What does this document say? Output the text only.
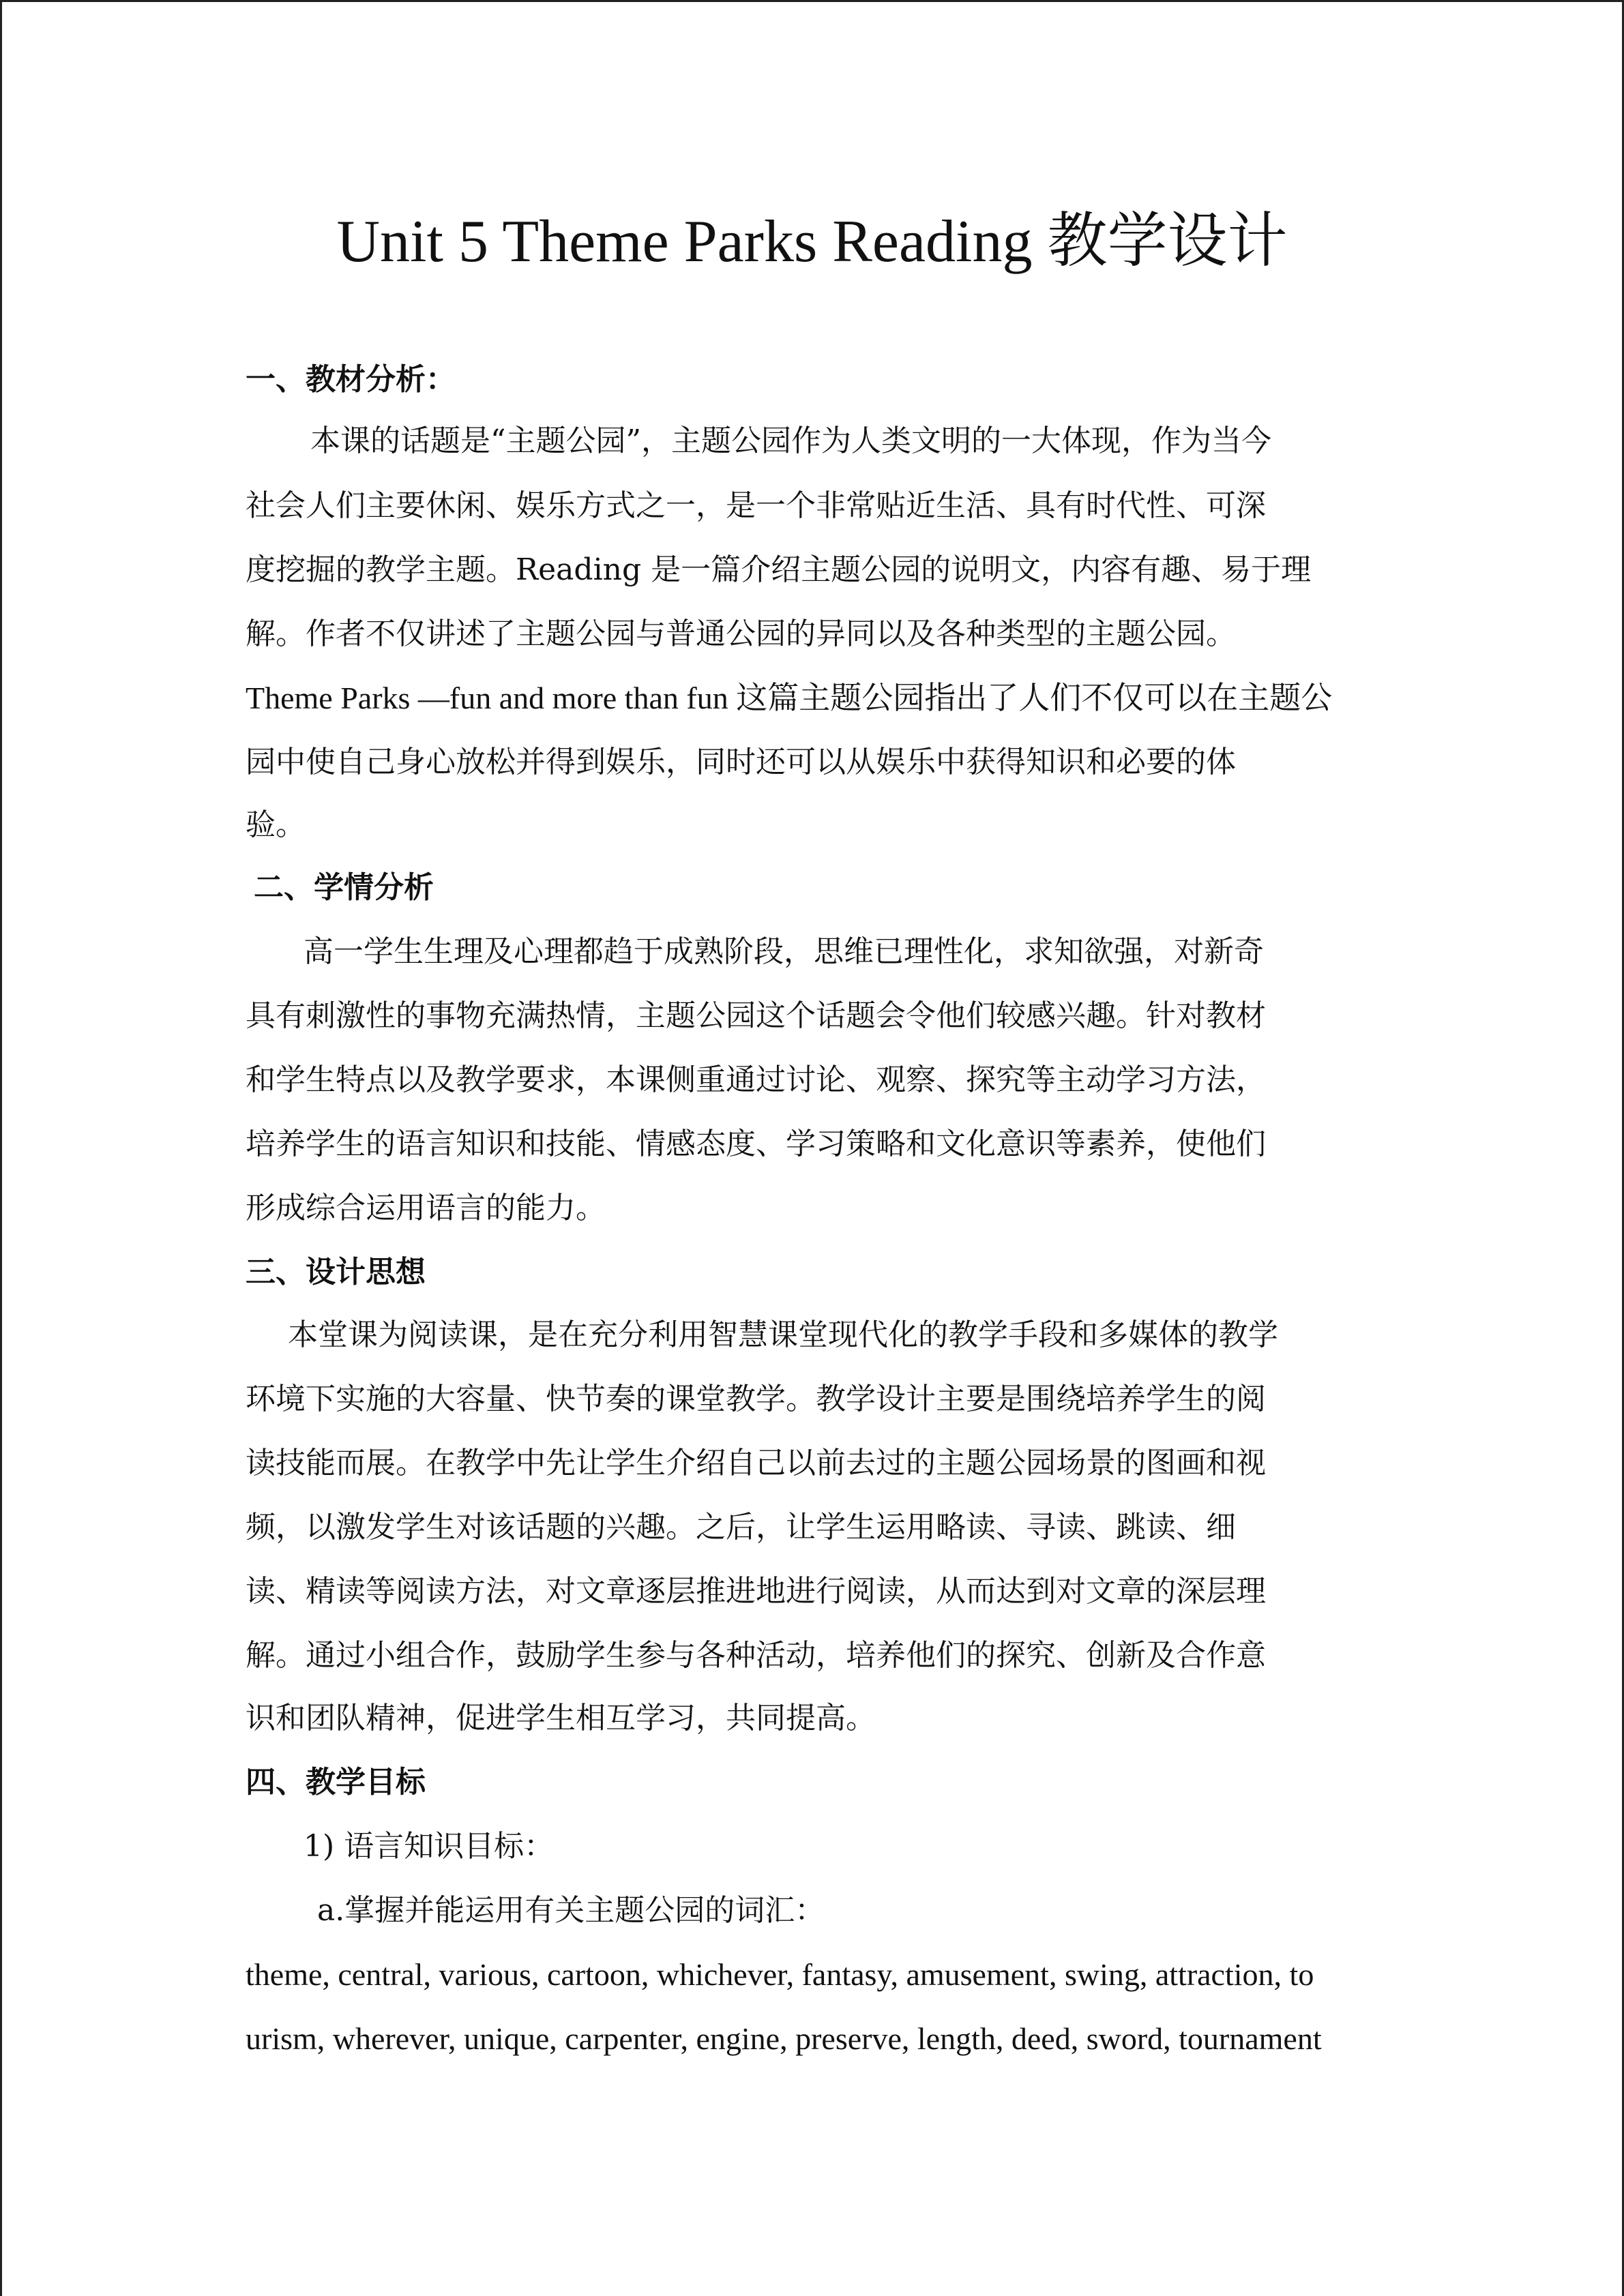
Unit 5 Theme Parks Reading 教学设计
一、教材分析：
本课的话题是“主题公园”，主题公园作为人类文明的一大体现，作为当今
社会人们主要休闲、娱乐方式之一，是一个非常贴近生活、具有时代性、可深
度挖掘的教学主题。Reading 是一篇介绍主题公园的说明文，内容有趣、易于理
解。作者不仅讲述了主题公园与普通公园的异同以及各种类型的主题公园。
Theme Parks —fun and more than fun 这篇主题公园指出了人们不仅可以在主题公
园中使自己身心放松并得到娱乐，同时还可以从娱乐中获得知识和必要的体
验。
二、学情分析
高一学生生理及心理都趋于成熟阶段，思维已理性化，求知欲强，对新奇
具有刺激性的事物充满热情，主题公园这个话题会令他们较感兴趣。针对教材
和学生特点以及教学要求，本课侧重通过讨论、观察、探究等主动学习方法，
培养学生的语言知识和技能、情感态度、学习策略和文化意识等素养，使他们
形成综合运用语言的能力。
三、设计思想
本堂课为阅读课，是在充分利用智慧课堂现代化的教学手段和多媒体的教学
环境下实施的大容量、快节奏的课堂教学。教学设计主要是围绕培养学生的阅
读技能而展。在教学中先让学生介绍自己以前去过的主题公园场景的图画和视
频，以激发学生对该话题的兴趣。之后，让学生运用略读、寻读、跳读、细
读、精读等阅读方法，对文章逐层推进地进行阅读，从而达到对文章的深层理
解。通过小组合作，鼓励学生参与各种活动，培养他们的探究、创新及合作意
识和团队精神，促进学生相互学习，共同提高。
四、教学目标
1) 语言知识目标：
a.掌握并能运用有关主题公园的词汇：
theme, central, various, cartoon, whichever, fantasy, amusement, swing, attraction, to
urism, wherever, unique, carpenter, engine, preserve, length, deed, sword, tournament
